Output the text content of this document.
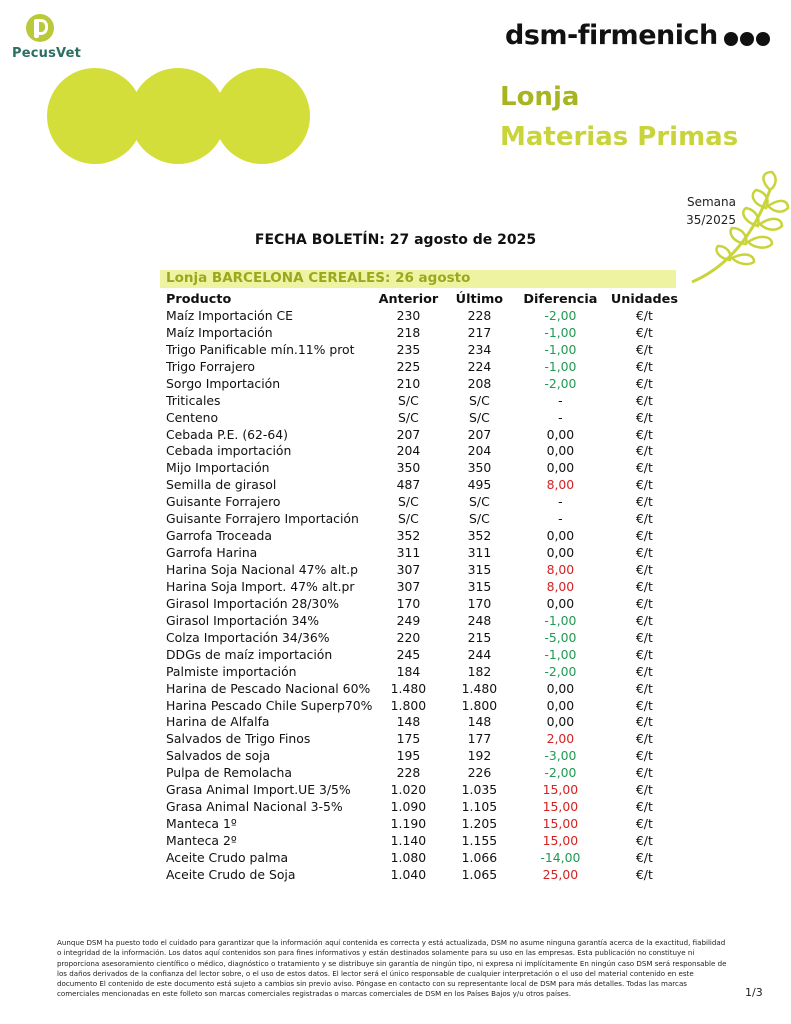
PecusVet
dsm-firmenich
Lonja
Materias Primas
Semana
35/2025
FECHA BOLETÍN: 27 agosto de 2025
Lonja BARCELONA CEREALES: 26 agosto
Producto	Anterior	Último	Diferencia	Unidades
Maíz Importación CE	230	228	-2,00	€/t
Maíz Importación	218	217	-1,00	€/t
Trigo Panificable mín.11% prot	235	234	-1,00	€/t
Trigo Forrajero	225	224	-1,00	€/t
Sorgo Importación	210	208	-2,00	€/t
Triticales	S/C	S/C	-	€/t
Centeno	S/C	S/C	-	€/t
Cebada P.E. (62-64)	207	207	0,00	€/t
Cebada importación	204	204	0,00	€/t
Mijo Importación	350	350	0,00	€/t
Semilla de girasol	487	495	8,00	€/t
Guisante Forrajero	S/C	S/C	-	€/t
Guisante Forrajero Importación	S/C	S/C	-	€/t
Garrofa Troceada	352	352	0,00	€/t
Garrofa Harina	311	311	0,00	€/t
Harina Soja Nacional 47% alt.p	307	315	8,00	€/t
Harina Soja Import. 47% alt.pr	307	315	8,00	€/t
Girasol Importación 28/30%	170	170	0,00	€/t
Girasol Importación 34%	249	248	-1,00	€/t
Colza Importación 34/36%	220	215	-5,00	€/t
DDGs de maíz importación	245	244	-1,00	€/t
Palmiste importación	184	182	-2,00	€/t
Harina de Pescado Nacional 60%	1.480	1.480	0,00	€/t
Harina Pescado Chile Superp70%	1.800	1.800	0,00	€/t
Harina de Alfalfa	148	148	0,00	€/t
Salvados de Trigo Finos	175	177	2,00	€/t
Salvados de soja	195	192	-3,00	€/t
Pulpa de Remolacha	228	226	-2,00	€/t
Grasa Animal Import.UE 3/5%	1.020	1.035	15,00	€/t
Grasa Animal Nacional 3-5%	1.090	1.105	15,00	€/t
Manteca 1º	1.190	1.205	15,00	€/t
Manteca 2º	1.140	1.155	15,00	€/t
Aceite Crudo palma	1.080	1.066	-14,00	€/t
Aceite Crudo de Soja	1.040	1.065	25,00	€/t
Aunque DSM ha puesto todo el cuidado para garantizar que la información aquí contenida es correcta y está actualizada, DSM no asume ninguna garantía acerca de la exactitud, fiabilidad o integridad de la información. Los datos aquí contenidos son para fines informativos y están destinados solamente para su uso en las empresas. Esta publicación no constituye ni proporciona asesoramiento científico o médico, diagnóstico o tratamiento y se distribuye sin garantía de ningún tipo, ni expresa ni implícitamente En ningún caso DSM será responsable de los daños derivados de la confianza del lector sobre, o el uso de estos datos. El lector será el único responsable de cualquier interpretación o el uso del material contenido en este documento El contenido de este documento está sujeto a cambios sin previo aviso. Póngase en contacto con su representante local de DSM para más detalles. Todas las marcas comerciales mencionadas en este folleto son marcas comerciales registradas o marcas comerciales de DSM en los Países Bajos y/u otros países.	1/3
